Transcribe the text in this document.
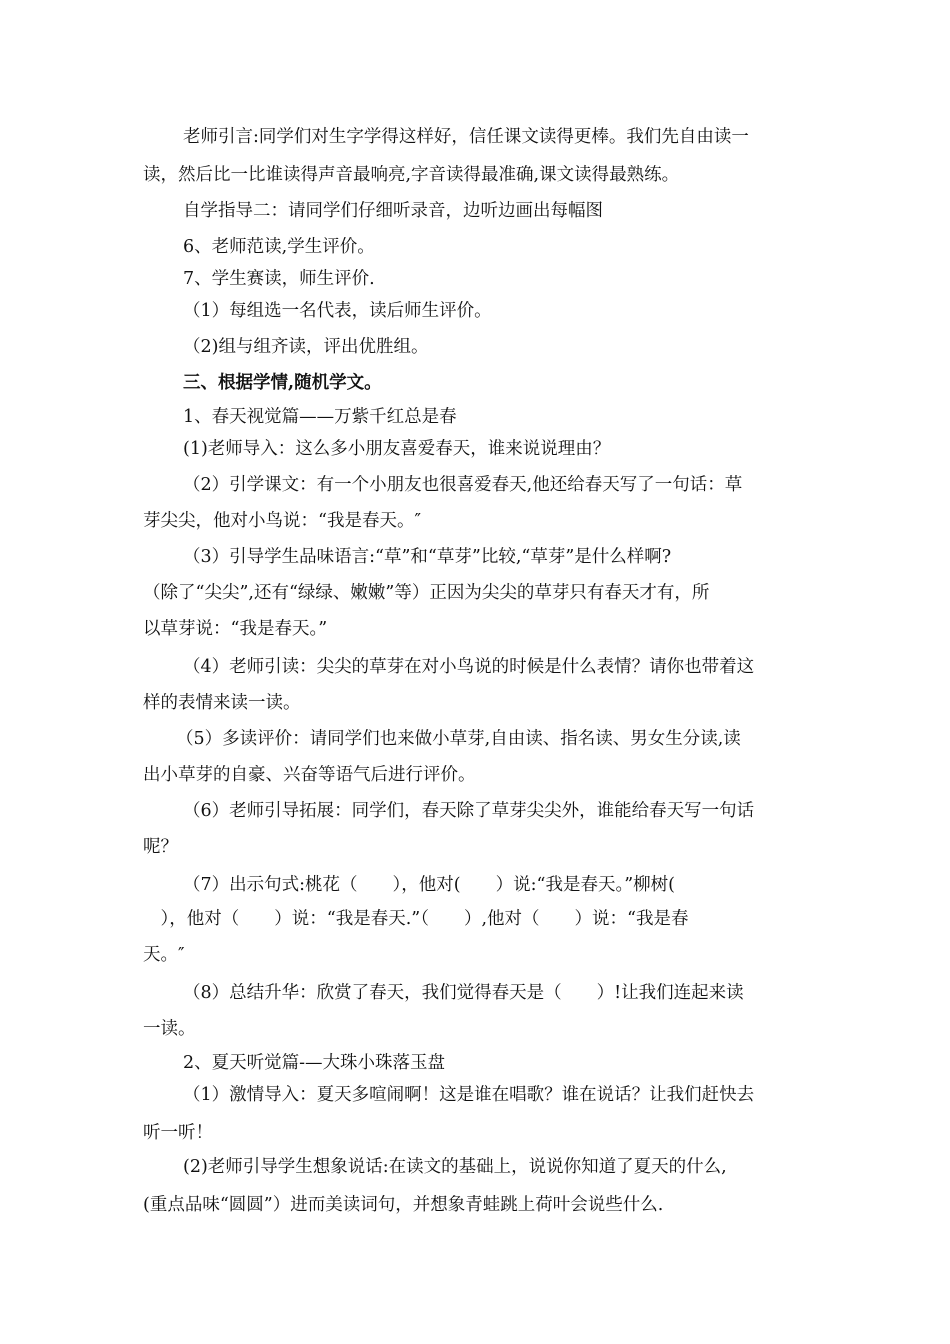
老师引言:同学们对生字学得这样好，信任课文读得更棒。我们先自由读一
读，然后比一比谁读得声音最响亮,字音读得最准确,课文读得最熟练。
自学指导二：请同学们仔细听录音，边听边画出每幅图
6、老师范读,学生评价。
7、学生赛读，师生评价.
（1）每组选一名代表，读后师生评价。
（2)组与组齐读，评出优胜组。
三、根据学情,随机学文。
1、春天视觉篇——万紫千红总是春
(1)老师导入：这么多小朋友喜爱春天，谁来说说理由？
（2）引学课文：有一个小朋友也很喜爱春天,他还给春天写了一句话：草
芽尖尖，他对小鸟说：“我是春天。″
（3）引导学生品味语言:“草”和“草芽”比较,“草芽”是什么样啊?
（除了“尖尖”,还有“绿绿、嫩嫩”等）正因为尖尖的草芽只有春天才有，所
以草芽说：“我是春天。”
（4）老师引读：尖尖的草芽在对小鸟说的时候是什么表情？请你也带着这
样的表情来读一读。
（5）多读评价：请同学们也来做小草芽,自由读、指名读、男女生分读,读
出小草芽的自豪、兴奋等语气后进行评价。
（6）老师引导拓展：同学们，春天除了草芽尖尖外，谁能给春天写一句话
呢？
（7）出示句式:桃花（　　），他对(　　）说:“我是春天。”柳树(
　），他对（　　）说：“我是春天.”（　　）,他对（　　）说：“我是春
天。″
（8）总结升华：欣赏了春天，我们觉得春天是（　　）!让我们连起来读
一读。
2、夏天听觉篇-—大珠小珠落玉盘
（1）激情导入：夏天多喧闹啊！这是谁在唱歌？谁在说话？让我们赶快去
听一听！
(2)老师引导学生想象说话:在读文的基础上，说说你知道了夏天的什么,
(重点品味“圆圆”）进而美读词句，并想象青蛙跳上荷叶会说些什么.
